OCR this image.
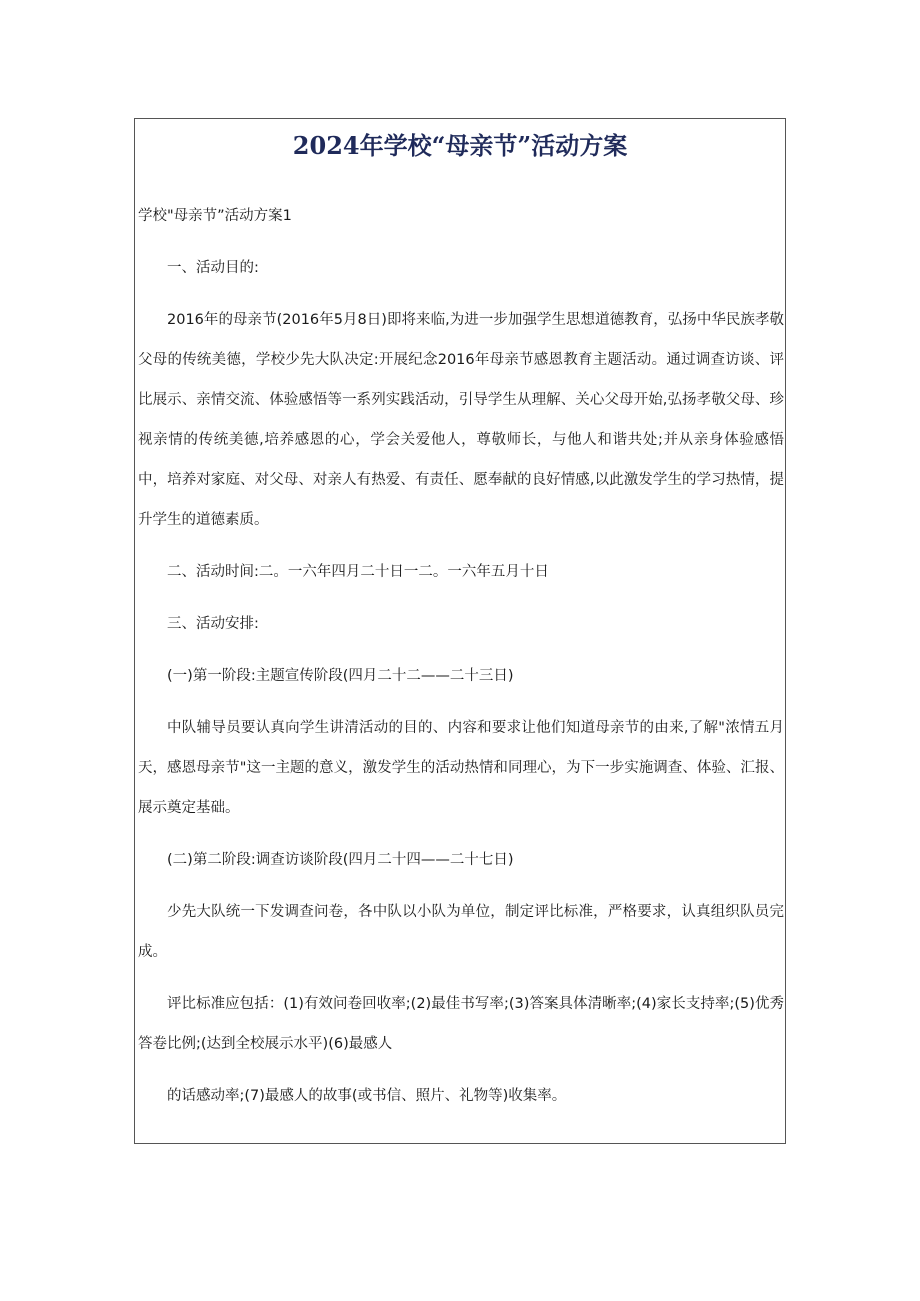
2024年学校“母亲节”活动方案

学校"母亲节”活动方案1

一、活动目的:

2016年的母亲节(2016年5月8日)即将来临,为进一步加强学生思想道德教育，弘扬中华民族孝敬父母的传统美德，学校少先大队决定:开展纪念2016年母亲节感恩教育主题活动。通过调查访谈、评比展示、亲情交流、体验感悟等一系列实践活动，引导学生从理解、关心父母开始,弘扬孝敬父母、珍视亲情的传统美德,培养感恩的心，学会关爱他人，尊敬师长，与他人和谐共处;并从亲身体验感悟中，培养对家庭、对父母、对亲人有热爱、有责任、愿奉献的良好情感,以此激发学生的学习热情，提升学生的道德素质。

二、活动时间:二。一六年四月二十日一二。一六年五月十日

三、活动安排:

(一)第一阶段:主题宣传阶段(四月二十二——二十三日)

中队辅导员要认真向学生讲清活动的目的、内容和要求让他们知道母亲节的由来,了解"浓情五月天，感恩母亲节"这一主题的意义，激发学生的活动热情和同理心，为下一步实施调查、体验、汇报、展示奠定基础。

(二)第二阶段:调查访谈阶段(四月二十四——二十七日)

少先大队统一下发调查问卷，各中队以小队为单位，制定评比标准，严格要求，认真组织队员完成。

评比标准应包括：(1)有效问卷回收率;(2)最佳书写率;(3)答案具体清晰率;(4)家长支持率;(5)优秀答卷比例;(达到全校展示水平)(6)最感人

的话感动率;(7)最感人的故事(或书信、照片、礼物等)收集率。
